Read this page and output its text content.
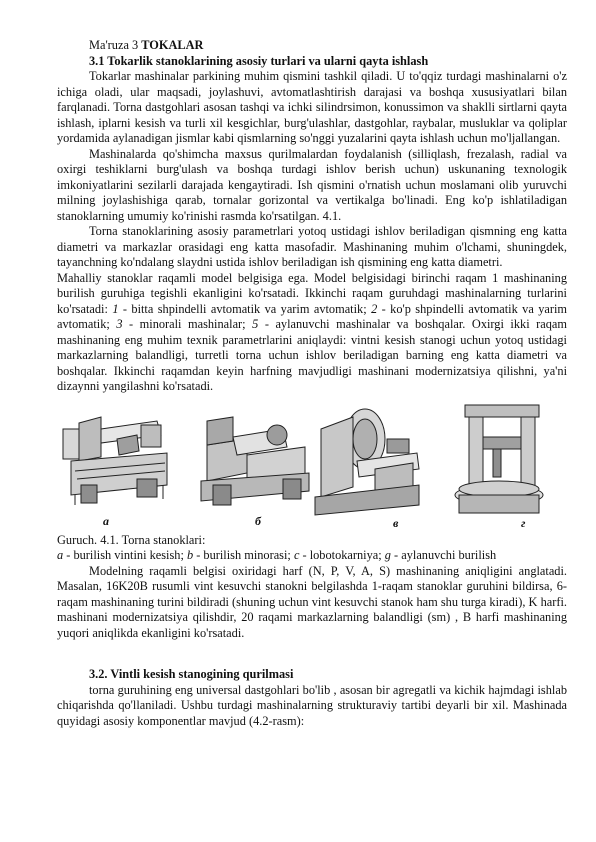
Ma'ruza 3 TOKALAR

3.1 Tokarlik stanoklarining asosiy turlari va ularni qayta ishlash

Tokarlar mashinalar parkining muhim qismini tashkil qiladi. U to'qqiz turdagi mashinalarni o'z ichiga oladi, ular maqsadi, joylashuvi, avtomatlashtirish darajasi va boshqa xususiyatlari bilan farqlanadi. Torna dastgohlari asosan tashqi va ichki silindrsimon, konussimon va shaklli sirtlarni qayta ishlash, iplarni kesish va turli xil kesgichlar, burg'ulashlar, dastgohlar, raybalar, musluklar va qoliplar yordamida aylanadigan jismlar kabi qismlarning so'nggi yuzalarini qayta ishlash uchun mo'ljallangan.

Mashinalarda qo'shimcha maxsus qurilmalardan foydalanish (silliqlash, frezalash, radial va oxirgi teshiklarni burg'ulash va boshqa turdagi ishlov berish uchun) uskunaning texnologik imkoniyatlarini sezilarli darajada kengaytiradi. Ish qismini o'rnatish uchun moslamani olib yuruvchi milning joylashishiga qarab, tornalar gorizontal va vertikalga bo'linadi. Eng ko'p ishlatiladigan stanoklarning umumiy ko'rinishi rasmda ko'rsatilgan. 4.1.

Torna stanoklarining asosiy parametrlari yotoq ustidagi ishlov beriladigan qismning eng katta diametri va markazlar orasidagi eng katta masofadir. Mashinaning muhim o'lchami, shuningdek, tayanchning ko'ndalang slaydni ustida ishlov beriladigan ish qismining eng katta diametri.

Mahalliy stanoklar raqamli model belgisiga ega. Model belgisidagi birinchi raqam 1 mashinaning burilish guruhiga tegishli ekanligini ko'rsatadi. Ikkinchi raqam guruhdagi mashinalarning turlarini ko'rsatadi: 1 - bitta shpindelli avtomatik va yarim avtomatik; 2 - ko'p shpindelli avtomatik va yarim avtomatik; 3 - minorali mashinalar; 5 - aylanuvchi mashinalar va boshqalar. Oxirgi ikki raqam mashinaning eng muhim texnik parametrlarini aniqlaydi: vintni kesish stanogi uchun yotoq ustidagi markazlarning balandligi, turretli torna uchun ishlov beriladigan barning eng katta diametri va boshqalar. Ikkinchi raqamdan keyin harfning mavjudligi mashinani modernizatsiya qilishni, ya'ni dizaynni yangilashni ko'rsatadi.

а	б	в	г

Guruch. 4.1. Torna stanoklari:

a - burilish vintini kesish; b - burilish minorasi; c - lobotokarniya; g - aylanuvchi burilish

Modelning raqamli belgisi oxiridagi harf (N, P, V, A, S) mashinaning aniqligini anglatadi. Masalan, 16K20B rusumli vint kesuvchi stanokni belgilashda 1-raqam stanoklar guruhini bildirsa, 6-raqam mashinaning turini bildiradi (shuning uchun vint kesuvchi stanok ham shu turga kiradi), K harfi. mashinani modernizatsiya qilishdir, 20 raqami markazlarning balandligi (sm) , B harfi mashinaning yuqori aniqlikda ekanligini ko'rsatadi.

3.2. Vintli kesish stanogining qurilmasi

torna guruhining eng universal dastgohlari bo'lib , asosan bir agregatli va kichik hajmdagi ishlab chiqarishda qo'llaniladi. Ushbu turdagi mashinalarning strukturaviy tartibi deyarli bir xil. Mashinada quyidagi asosiy komponentlar mavjud (4.2-rasm):
